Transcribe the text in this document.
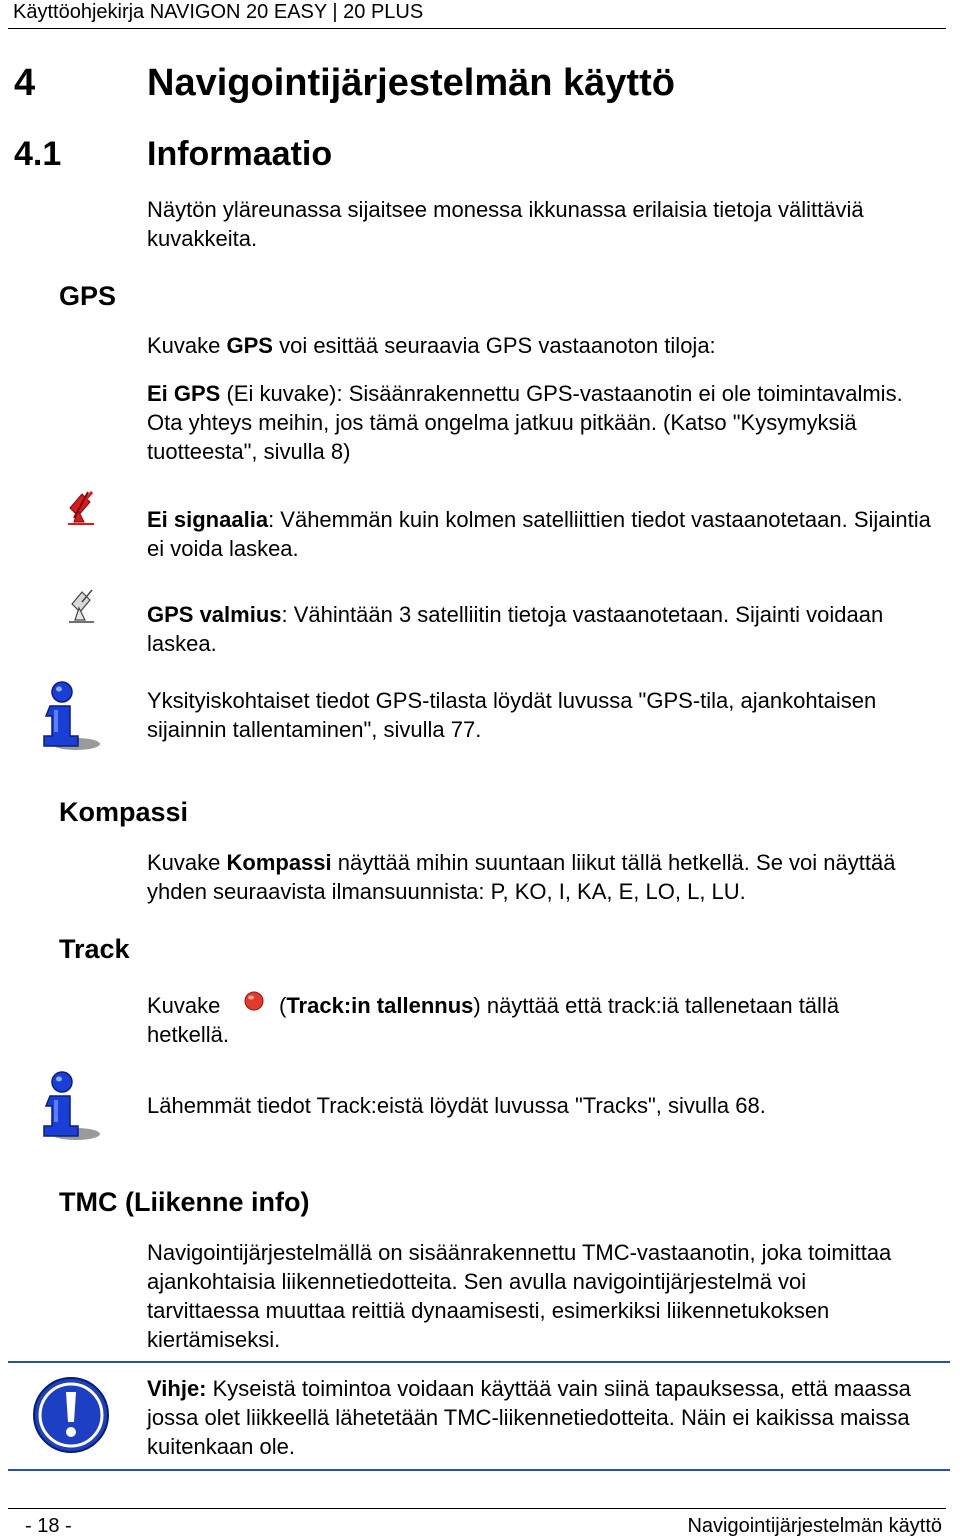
Käyttöohjekirja NAVIGON 20 EASY | 20 PLUS
4	Navigointijärjestelmän käyttö
4.1	Informaatio
Näytön yläreunassa sijaitsee monessa ikkunassa erilaisia tietoja välittäviä kuvakkeita.
GPS
Kuvake GPS voi esittää seuraavia GPS vastaanoton tiloja:
Ei GPS (Ei kuvake): Sisäänrakennettu GPS-vastaanotin ei ole toimintavalmis. Ota yhteys meihin, jos tämä ongelma jatkuu pitkään. (Katso "Kysymyksiä tuotteesta", sivulla 8)
Ei signaalia: Vähemmän kuin kolmen satelliittien tiedot vastaanotetaan. Sijaintia ei voida laskea.
GPS valmius: Vähintään 3 satelliitin tietoja vastaanotetaan. Sijainti voidaan laskea.
Yksityiskohtaiset tiedot GPS-tilasta löydät luvussa "GPS-tila, ajankohtaisen sijainnin tallentaminen", sivulla 77.
Kompassi
Kuvake Kompassi näyttää mihin suuntaan liikut tällä hetkellä. Se voi näyttää yhden seuraavista ilmansuunnista: P, KO, I, KA, E, LO, L, LU.
Track
Kuvake	(Track:in tallennus) näyttää että track:iä tallenetaan tällä
hetkellä.
Lähemmät tiedot Track:eistä löydät luvussa "Tracks", sivulla 68.
TMC (Liikenne info)
Navigointijärjestelmällä on sisäänrakennettu TMC-vastaanotin, joka toimittaa ajankohtaisia liikennetiedotteita. Sen avulla navigointijärjestelmä voi tarvittaessa muuttaa reittiä dynaamisesti, esimerkiksi liikennetukoksen kiertämiseksi.
Vihje: Kyseistä toimintoa voidaan käyttää vain siinä tapauksessa, että maassa jossa olet liikkeellä lähetetään TMC-liikennetiedotteita. Näin ei kaikissa maissa kuitenkaan ole.
- 18 -	Navigointijärjestelmän käyttö
